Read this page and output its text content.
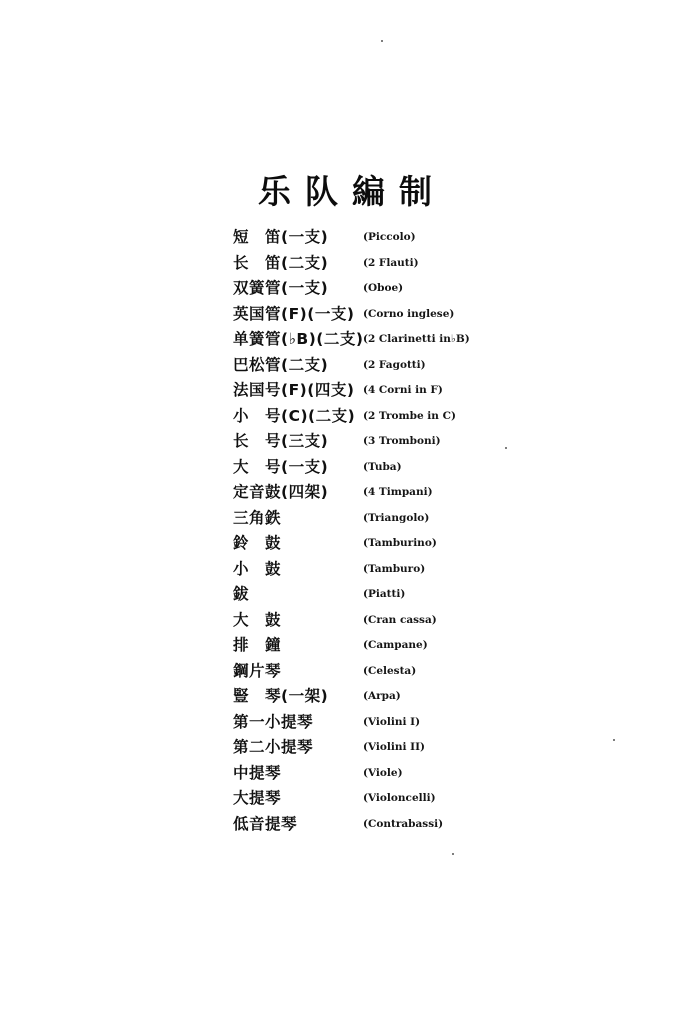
乐队編制
短　笛(一支)	(Piccolo)
长　笛(二支)	(2 Flauti)
双簧管(一支)	(Oboe)
英国管(F)(一支) (Corno inglese)
单簧管(♭B)(二支) (2 Clarinetti in♭B)
巴松管(二支)	(2 Fagotti)
法国号(F)(四支) (4 Corni in F)
小　号(C)(二支) (2 Trombe in C)
长　号(三支)	(3 Tromboni)
大　号(一支)	(Tuba)
定音鼓(四架)	(4 Timpani)
三角鉄	(Triangolo)
鈴　鼓	(Tamburino)
小　鼓	(Tamburo)
鈸	(Piatti)
大　鼓	(Cran cassa)
排　鐘	(Campane)
鋼片琴	(Celesta)
豎　琴(一架)	(Arpa)
第一小提琴	(Violini I)
第二小提琴	(Violini II)
中提琴	(Viole)
大提琴	(Violoncelli)
低音提琴	(Contrabassi)
